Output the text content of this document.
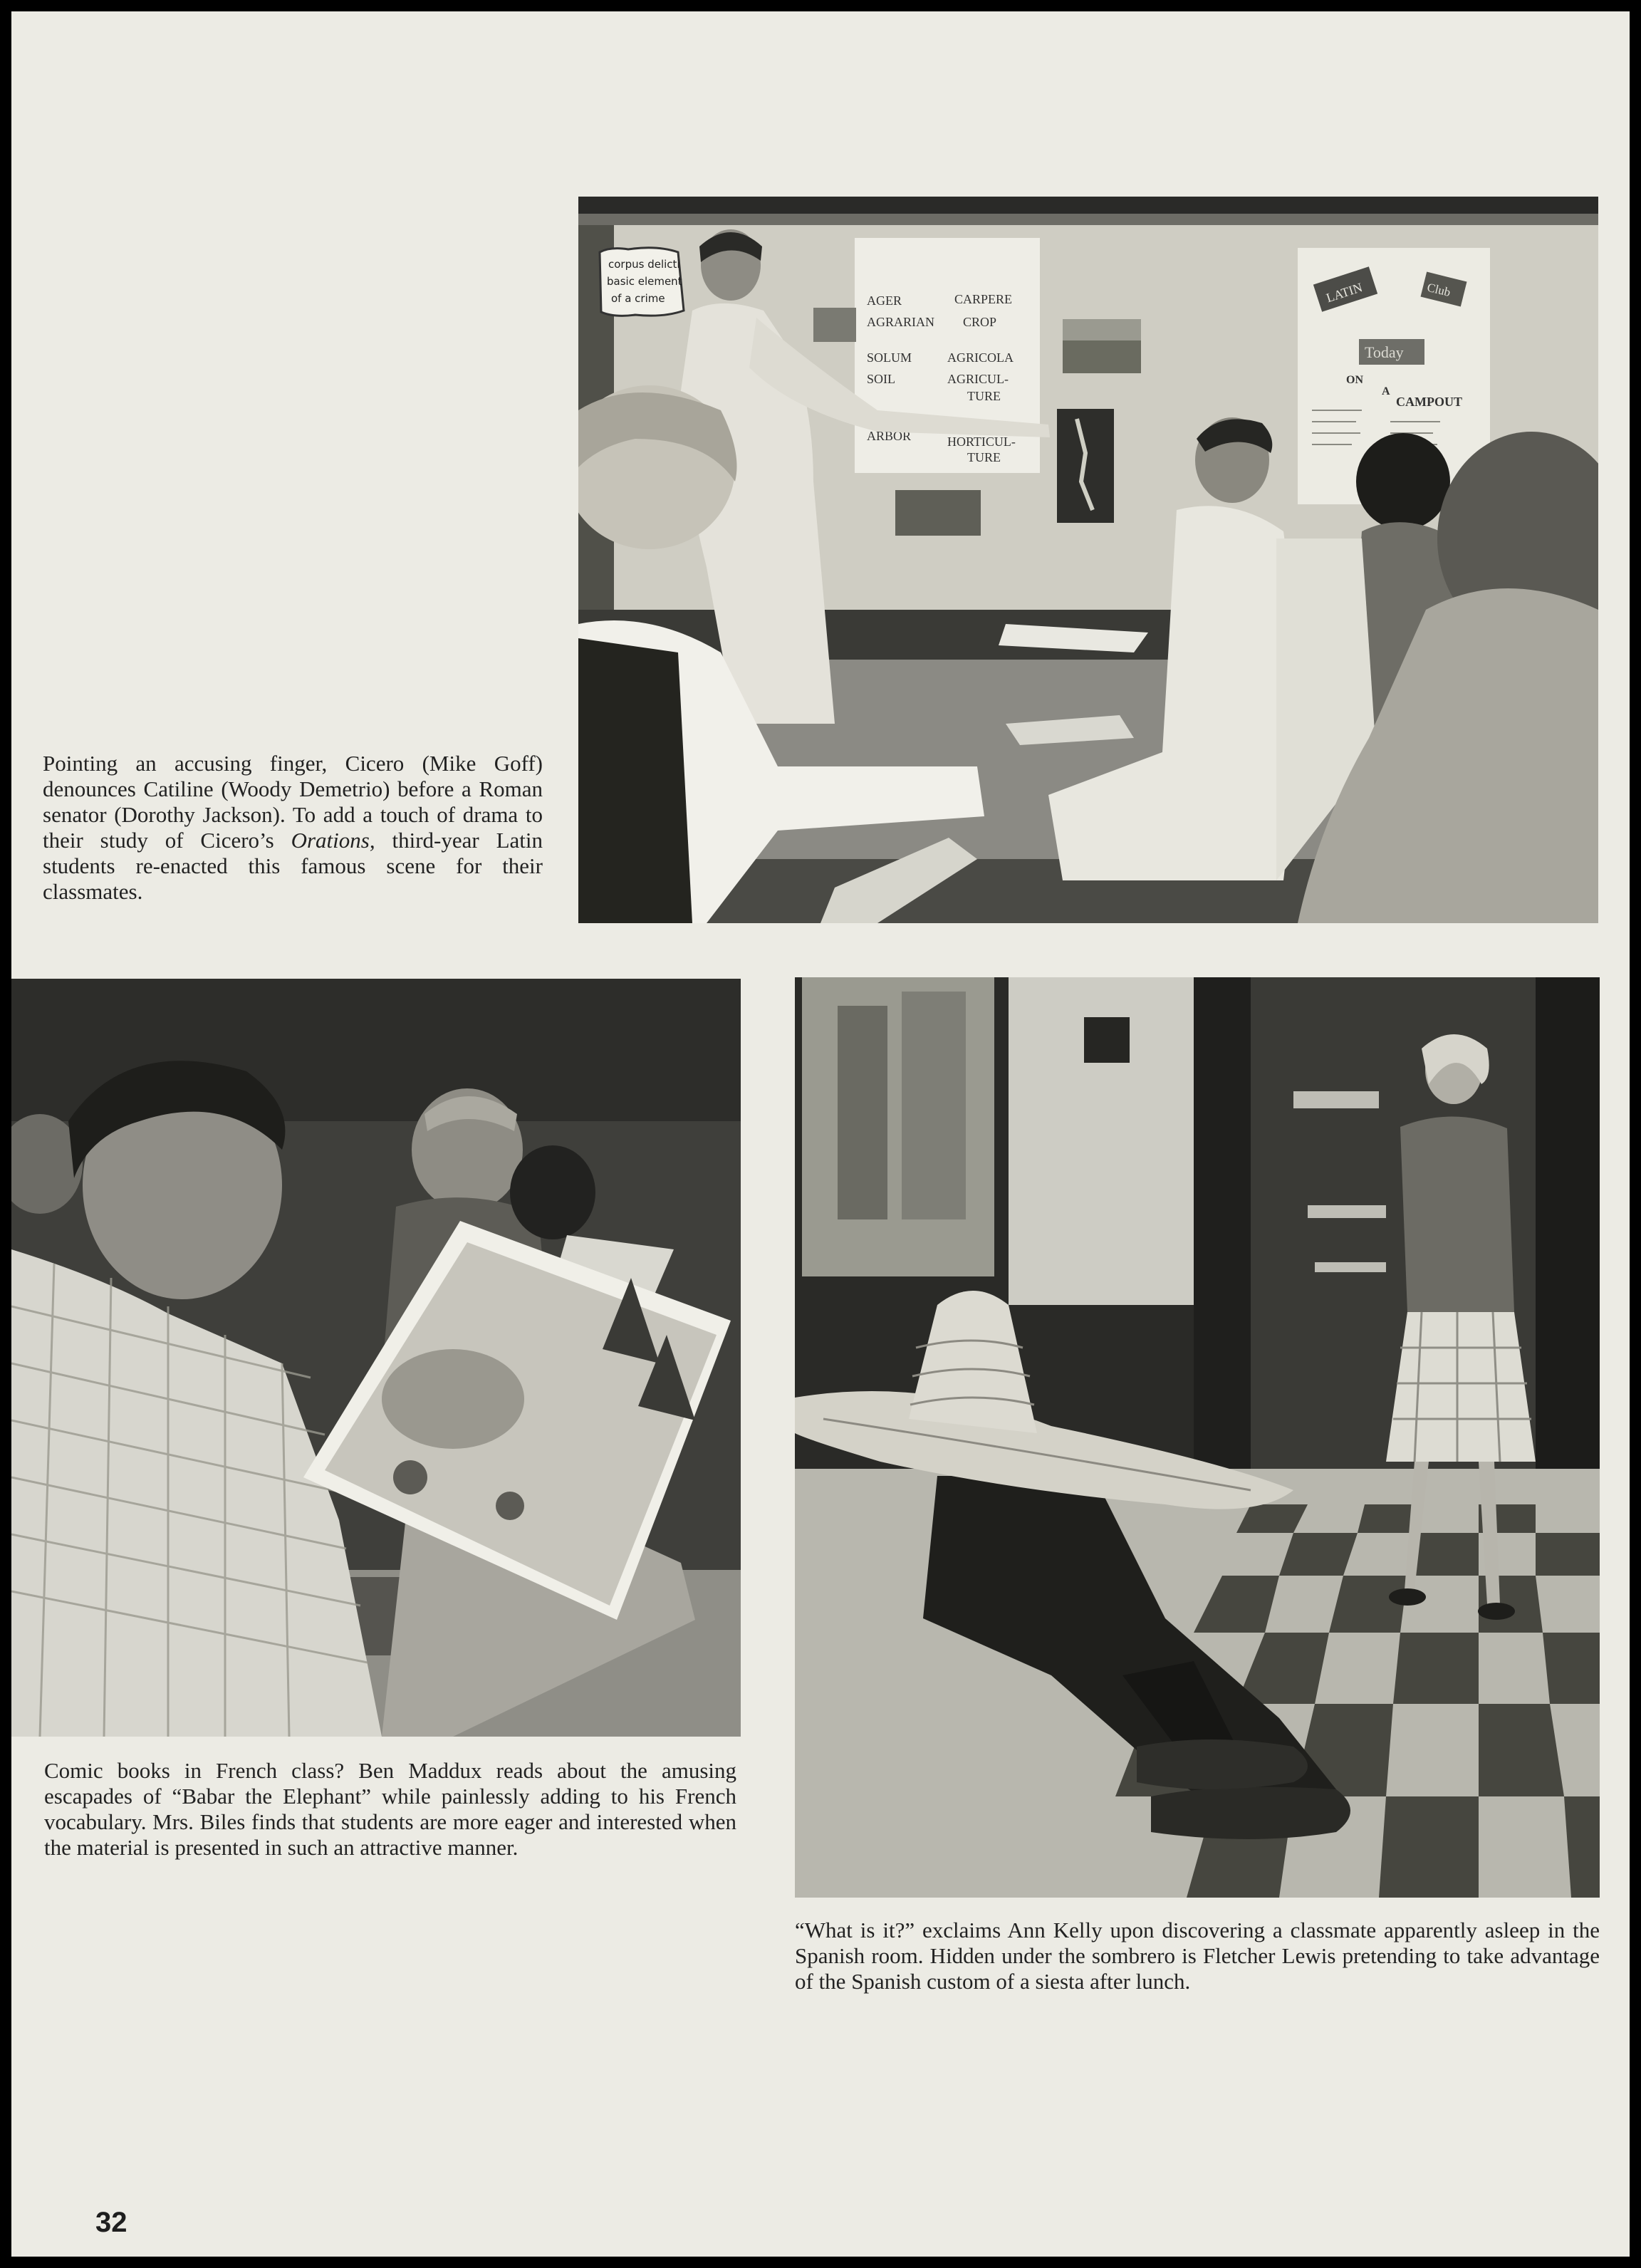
corpus delicti
basic element
of a crime	AGER
AGRARIAN
SOLUM
SOIL
ARBOR
CARPERE
CROP
AGRICOLA
AGRICUL-
TURE
HORTICUL-
TURE
LATIN	Club
Today
ON
A
CAMPOUT
Pointing an accusing finger, Cicero (Mike Goff) denounces Catiline (Woody Demetrio) before a Roman senator (Dorothy Jackson). To add a touch of drama to their study of Cicero’s Orations, third-year Latin students re-enacted this famous scene for their classmates.
Comic books in French class? Ben Maddux reads about the amusing escapades of “Babar the Elephant” while painlessly adding to his French vocabulary. Mrs. Biles finds that students are more eager and interested when the material is presented in such an attractive manner.
“What is it?” exclaims Ann Kelly upon discovering a classmate apparently asleep in the Spanish room. Hidden under the sombrero is Fletcher Lewis pretending to take advantage of the Spanish custom of a siesta after lunch.
32
